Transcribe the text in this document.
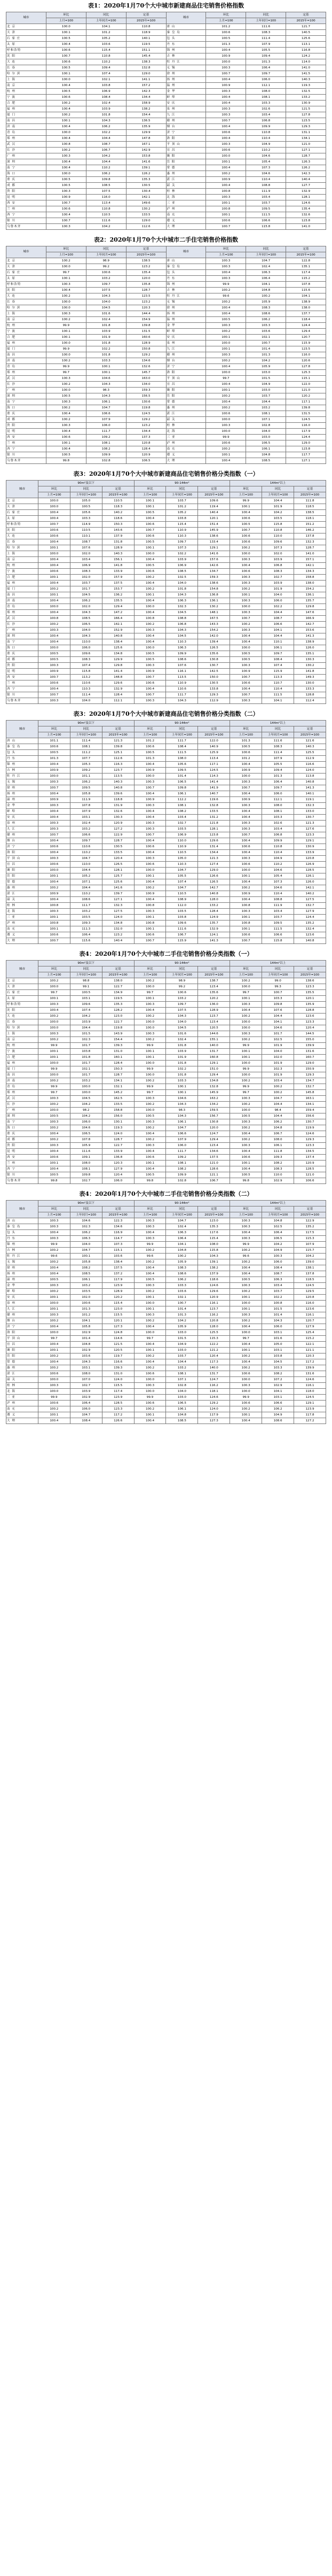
表1：2020年1月70个大中城市新建商品住宅销售价格指数
城市	环比	同比	定基	城市	环比	同比	定基
	上月=100	上年同月=100	2015年=100		上月=100	上年同月=100	2015年=100
北 京	100.0	104.1	110.8	唐 山	101.2	111.6	121.7
天 津	100.1	101.2	118.9	秦 皇 岛	100.6	108.3	140.5
石 家 庄	100.5	105.2	140.1	包 头	100.5	111.4	125.6
太 原	100.4	103.6	119.5	丹 东	101.3	107.9	113.1
呼和浩特	100.6	115.4	151.1	锦 州	100.4	105.5	116.8
沈 阳	100.7	110.8	145.4	吉 林	100.9	109.4	124.2
大 连	100.6	110.2	138.3	牡 丹 江	100.0	101.3	114.0
长 春	100.5	109.4	132.8	无 锡	100.3	106.4	141.0
哈 尔 滨	100.1	107.4	129.0	徐 州	100.7	109.7	141.5
上 海	100.0	102.1	141.1	扬 州	100.4	106.0	140.3
南 京	100.4	103.8	157.2	温 州	100.9	112.1	119.3
杭 州	100.5	106.9	142.3	金 华	100.3	108.0	132.5
宁 波	100.6	108.4	134.4	蚌 埠	100.4	108.1	133.2
合 肥	100.2	102.4	158.9	安 庆	100.4	103.3	130.9
福 州	100.4	103.9	138.2	泉 州	100.3	102.6	121.5
厦 门	100.2	101.8	154.4	九 江	100.3	103.4	127.8
南 昌	100.1	104.3	136.5	赣 州	100.7	106.8	123.5
济 南	100.4	106.2	135.9	烟 台	100.4	109.9	129.3
青 岛	100.0	102.2	129.9	济 宁	100.6	110.8	131.1
郑 州	100.4	104.4	147.8	洛 阳	100.4	110.4	134.1
武 汉	100.8	108.7	167.1	平 顶 山	100.3	104.9	121.0
长 沙	100.2	106.7	142.9	宜 昌	100.6	110.2	127.1
广 州	100.3	104.2	153.8	襄 阳	100.0	104.6	128.7
深 圳	100.4	104.4	141.6	岳 阳	100.1	105.4	126.3
南 宁	100.4	110.2	139.1	常 德	100.4	107.3	126.2
海 口	100.0	106.2	126.2	惠 州	100.2	104.6	142.3
重 庆	100.5	109.8	135.3	湛 江	100.9	110.4	140.4
成 都	100.5	108.5	130.5	韶 关	100.4	108.8	127.7
贵 阳	100.3	107.5	130.4	桂 林	100.8	111.9	132.9
昆 明	100.9	116.0	142.1	北 海	100.3	103.4	128.1
西 安	100.7	113.4	149.6	三 亚	100.1	103.7	124.6
兰 州	100.6	110.8	130.2	泸 州	100.8	109.5	135.4
西 宁	100.4	110.5	133.5	南 充	100.1	111.5	132.6
银 川	100.7	111.6	129.0	遵 义	100.6	106.6	123.8
乌鲁木齐	100.3	104.2	112.6	大 理	100.7	115.8	141.0
表2：2020年1月70个大中城市二手住宅销售价格指数
城市	环比	同比	定基	城市	环比	同比	定基
	上月=100	上年同月=100	2015年=100		上月=100	上年同月=100	2015年=100
北 京	100.2	98.9	138.5	唐 山	100.3	104.7	122.8
天 津	100.0	99.2	123.2	秦 皇 岛	100.3	102.4	135.1
石 家 庄	99.7	100.6	135.4	包 头	100.4	106.3	117.4
太 原	100.1	103.2	120.0	丹 东	100.3	106.4	115.2
呼和浩特	100.3	109.7	135.8	锦 州	99.9	104.1	107.8
沈 阳	100.4	107.5	128.7	吉 林	100.2	104.8	115.6
大 连	100.2	104.3	123.5	牡 丹 江	99.6	100.2	104.1
长 春	100.0	104.0	123.2	无 锡	100.2	105.9	138.9
哈 尔 滨	100.0	104.5	120.3	徐 州	100.4	108.3	138.0
上 海	100.3	101.6	144.4	扬 州	100.4	108.6	137.7
南 京	100.2	102.4	154.9	温 州	100.5	106.2	118.4
杭 州	99.9	101.8	139.8	金 华	100.3	103.3	124.4
宁 波	100.1	103.9	131.5	蚌 埠	100.2	103.6	129.4
合 肥	100.1	101.9	160.6	安 庆	100.1	102.1	120.7
福 州	100.0	101.8	128.9	泉 州	100.0	100.7	115.9
厦 门	99.9	102.2	150.8	九 江	100.1	101.4	123.5
南 昌	100.0	101.8	129.2	赣 州	100.3	101.3	116.0
济 南	100.2	103.3	134.6	烟 台	100.2	104.2	120.6
青 岛	99.9	100.1	132.6	济 宁	100.4	105.9	127.8
郑 州	99.7	100.1	145.7	洛 阳	100.0	103.0	125.3
武 汉	100.3	104.6	163.0	平 顶 山	99.7	101.5	115.1
长 沙	100.2	104.3	134.0	宜 昌	100.4	104.9	122.0
广 州	100.0	98.3	159.3	襄 阳	100.1	103.0	121.0
深 圳	100.5	104.3	156.5	岳 阳	100.2	103.7	120.2
南 宁	100.3	106.1	130.6	常 德	100.4	104.4	117.1
海 口	100.2	104.7	119.8	惠 州	100.2	103.2	139.8
重 庆	100.4	106.6	124.5	湛 江	100.6	108.1	131.5
成 都	100.2	107.9	129.2	韶 关	100.0	107.1	124.5
贵 阳	100.3	106.0	123.2	桂 林	100.3	102.8	116.0
昆 明	100.4	111.7	134.4	北 海	100.0	104.0	117.9
西 安	100.6	109.2	137.3	三 亚	99.9	103.0	124.4
兰 州	100.1	108.1	120.8	泸 州	100.6	106.5	129.0
西 宁	100.4	108.2	128.4	南 充	100.2	106.1	123.8
银 川	100.5	109.9	120.9	遵 义	100.1	104.8	117.7
乌鲁木齐	99.8	102.8	106.5	大 理	100.4	108.5	127.1
表3：2020年1月70个大中城市新建商品住宅销售价格分类指数（一）
城市	90m²及以下			90-144m²			144m²以上		
	环比	同比	定基	环比	同比	定基	环比	同比	定基
	上月=100	上年同月=100	2015年=100	上月=100	上年同月=100	2015年=100	上月=100	上年同月=100	2015年=100
北 京	100.0	105.0	110.5	100.1	103.7	109.6	99.9	104.4	111.8
天 津	100.0	100.5	118.3	100.1	101.2	119.4	100.1	101.9	118.5
石 家 庄	100.4	105.6	140.2	100.5	105.2	140.4	100.4	104.2	138.5
太 原	100.4	103.3	118.6	100.4	103.8	120.1	100.6	103.5	118.1
呼和浩特	100.7	114.9	150.3	100.6	115.4	151.4	100.5	115.8	151.2
沈 阳	100.6	110.5	143.6	100.7	110.9	145.9	100.7	110.8	146.2
大 连	100.6	110.1	137.9	100.6	110.3	138.6	100.6	110.0	137.8
长 春	100.4	108.7	131.8	100.5	109.7	133.4	100.6	109.6	132.3
哈 尔 滨	100.1	107.6	128.9	100.1	107.3	129.1	100.2	107.3	128.7
上 海	100.0	102.0	140.3	100.0	102.2	141.6	100.0	102.0	141.0
南 京	100.4	103.4	156.1	100.4	103.9	157.6	100.3	103.9	157.1
杭 州	100.4	106.9	141.8	100.5	106.9	142.6	100.4	106.8	142.1
宁 波	100.6	108.3	133.9	100.6	108.5	134.7	100.6	108.3	134.3
合 肥	100.1	102.0	157.9	100.2	102.5	159.3	100.3	102.7	158.8
福 州	100.4	103.7	137.5	100.4	104.0	138.6	100.3	103.9	138.0
厦 门	100.2	101.7	153.7	100.2	101.8	154.8	100.2	101.9	154.2
南 昌	100.1	104.5	136.2	100.1	104.3	136.8	100.1	104.0	136.1
济 南	100.4	106.2	135.5	100.4	106.3	136.1	100.3	106.0	135.7
青 岛	100.0	102.0	129.4	100.0	102.3	130.2	100.0	102.2	129.8
郑 州	100.4	104.3	147.2	100.4	104.5	148.1	100.3	104.4	147.6
武 汉	100.8	108.5	166.4	100.8	108.8	167.5	100.7	108.7	166.9
长 沙	100.2	106.5	142.1	100.2	106.8	143.3	100.2	106.6	142.7
广 州	100.3	104.0	152.9	100.3	104.3	154.2	100.3	104.1	153.6
深 圳	100.4	104.3	140.8	100.4	104.5	142.0	100.4	104.4	141.3
南 宁	100.4	110.0	138.4	100.4	110.3	139.4	100.4	110.1	138.9
海 口	100.0	106.0	125.6	100.0	106.3	126.5	100.0	106.1	126.0
重 庆	100.5	109.6	134.8	100.5	109.9	135.6	100.5	109.7	135.1
成 都	100.5	108.3	129.9	100.5	108.6	130.8	100.5	108.4	130.3
贵 阳	100.3	107.4	129.8	100.3	107.6	130.7	100.3	107.4	130.2
昆 明	100.9	115.8	141.4	100.9	116.1	142.5	100.9	115.9	141.8
西 安	100.7	113.2	148.8	100.7	113.5	150.0	100.7	113.3	149.3
兰 州	100.6	110.6	129.6	100.6	110.9	130.5	100.6	110.7	130.0
西 宁	100.4	110.3	132.9	100.4	110.6	133.8	100.4	110.4	133.3
银 川	100.7	111.4	128.4	100.7	111.7	129.3	100.7	111.5	128.8
乌鲁木齐	100.3	104.0	112.1	100.3	104.3	112.9	100.3	104.1	112.4
表3：2020年1月70个大中城市新建商品住宅销售价格分类指数（二）
城市	90m²及以下			90-144m²			144m²以上		
	环比	同比	定基	环比	同比	定基	环比	同比	定基
	上月=100	上年同月=100	2015年=100	上月=100	上年同月=100	2015年=100	上月=100	上年同月=100	2015年=100
唐 山	101.1	111.4	121.3	101.2	111.7	122.0	101.3	111.6	121.6
秦 皇 岛	100.6	108.1	139.8	100.6	108.4	140.9	100.5	108.3	140.3
包 头	100.5	111.2	125.1	100.5	111.5	125.9	100.6	111.4	125.5
丹 东	101.3	107.7	112.6	101.3	108.0	113.4	101.2	107.9	112.9
锦 州	100.4	105.3	116.3	100.4	105.6	117.1	100.4	105.5	116.6
吉 林	100.9	109.2	123.7	100.9	109.5	124.5	100.9	109.4	124.0
牡 丹 江	100.0	101.1	113.5	100.0	101.4	114.3	100.0	101.3	113.8
无 锡	100.3	106.2	140.3	100.3	106.5	141.4	100.3	106.4	140.8
徐 州	100.7	109.5	140.8	100.7	109.8	141.9	100.7	109.7	141.3
扬 州	100.4	105.8	139.6	100.4	106.1	140.7	100.4	106.0	140.1
温 州	100.9	111.9	118.8	100.9	112.2	119.6	100.9	112.1	119.1
金 华	100.3	107.8	131.9	100.3	108.1	132.8	100.3	108.0	132.3
蚌 埠	100.4	107.9	132.6	100.4	108.2	133.5	100.4	108.1	133.0
安 庆	100.4	103.1	130.3	100.4	103.4	131.2	100.4	103.3	130.7
泉 州	100.3	102.4	120.9	100.3	102.7	121.8	100.3	102.6	121.3
九 江	100.3	103.2	127.2	100.3	103.5	128.1	100.3	103.4	127.6
赣 州	100.7	106.6	122.9	100.7	106.9	123.8	100.7	106.8	123.3
烟 台	100.4	109.7	128.7	100.4	110.0	129.6	100.4	109.9	129.1
济 宁	100.6	110.6	130.5	100.6	110.9	131.4	100.6	110.8	130.9
洛 阳	100.4	110.2	133.5	100.4	110.5	134.4	100.4	110.4	133.9
平 顶 山	100.3	104.7	120.4	100.3	105.0	121.3	100.3	104.9	120.8
宜 昌	100.6	110.0	126.5	100.6	110.3	127.4	100.6	110.2	126.9
襄 阳	100.0	104.4	128.1	100.0	104.7	129.0	100.0	104.6	128.5
岳 阳	100.1	105.2	125.7	100.1	105.5	126.6	100.1	105.4	126.1
常 德	100.4	107.1	125.6	100.4	107.4	126.5	100.4	107.3	126.0
惠 州	100.2	104.4	141.6	100.2	104.7	142.7	100.2	104.6	142.1
湛 江	100.9	110.2	139.7	100.9	110.5	140.8	100.9	110.4	140.2
韶 关	100.4	108.6	127.1	100.4	108.9	128.0	100.4	108.8	127.5
桂 林	100.8	111.7	132.3	100.8	112.0	133.2	100.8	111.9	132.7
北 海	100.3	103.2	127.5	100.3	103.5	128.4	100.3	103.4	127.9
三 亚	100.1	103.5	124.0	100.1	103.8	124.9	100.1	103.7	124.4
泸 州	100.8	109.3	134.8	100.8	109.6	135.7	100.8	109.5	135.2
南 充	100.1	111.3	132.0	100.1	111.6	132.9	100.1	111.5	132.4
遵 义	100.6	106.4	123.2	100.6	106.7	124.1	100.6	106.6	123.6
大 理	100.7	115.6	140.4	100.7	115.9	141.3	100.7	115.8	140.8
表4：2020年1月70个大中城市二手住宅销售价格分类指数（一）
城市	90m²及以下			90-144m²			144m²以上		
	环比	同比	定基	环比	同比	定基	环比	同比	定基
	上月=100	上年同月=100	2015年=100	上月=100	上年同月=100	2015年=100	上月=100	上年同月=100	2015年=100
北 京	100.2	98.8	138.0	100.2	98.9	138.7	100.2	99.0	138.6
天 津	100.0	99.1	122.7	100.0	99.2	123.4	100.0	99.3	123.3
石 家 庄	99.7	100.5	134.9	99.7	100.6	135.6	99.7	100.7	135.5
太 原	100.1	103.1	119.5	100.1	103.2	120.2	100.1	103.3	120.1
呼和浩特	100.3	109.6	135.3	100.3	109.7	136.0	100.3	109.8	135.9
沈 阳	100.4	107.4	128.2	100.4	107.5	128.9	100.4	107.6	128.8
大 连	100.2	104.2	123.0	100.2	104.3	123.7	100.2	104.4	123.6
长 春	100.0	103.9	122.7	100.0	104.0	123.4	100.0	104.1	123.3
哈 尔 滨	100.0	104.4	119.8	100.0	104.5	120.5	100.0	104.6	120.4
上 海	100.3	101.5	143.9	100.3	101.6	144.6	100.3	101.7	144.5
南 京	100.2	102.3	154.4	100.2	102.4	155.1	100.2	102.5	155.0
杭 州	99.9	101.7	139.3	99.9	101.8	140.0	99.9	101.9	139.9
宁 波	100.1	103.8	131.0	100.1	103.9	131.7	100.1	104.0	131.6
合 肥	100.1	101.8	160.1	100.1	101.9	160.8	100.1	102.0	160.7
福 州	100.0	101.7	128.4	100.0	101.8	129.1	100.0	101.9	129.0
厦 门	99.9	102.1	150.3	99.9	102.2	151.0	99.9	102.3	150.9
南 昌	100.0	101.7	128.7	100.0	101.8	129.4	100.0	101.9	129.3
济 南	100.2	103.2	134.1	100.2	103.3	134.8	100.2	103.4	134.7
青 岛	99.9	100.0	132.1	99.9	100.1	132.8	99.9	100.2	132.7
郑 州	99.7	100.0	145.2	99.7	100.1	145.9	99.7	100.2	145.8
武 汉	100.3	104.5	162.5	100.3	104.6	163.2	100.3	104.7	163.1
长 沙	100.2	104.2	133.5	100.2	104.3	134.2	100.2	104.4	134.1
广 州	100.0	98.2	158.8	100.0	98.3	159.5	100.0	98.4	159.4
深 圳	100.5	104.2	156.0	100.5	104.3	156.7	100.5	104.4	156.6
南 宁	100.3	106.0	130.1	100.3	106.1	130.8	100.3	106.2	130.7
海 口	100.2	104.6	119.3	100.2	104.7	120.0	100.2	104.8	119.9
重 庆	100.4	106.5	124.0	100.4	106.6	124.7	100.4	106.7	124.6
成 都	100.2	107.8	128.7	100.2	107.9	129.4	100.2	108.0	129.3
贵 阳	100.3	105.9	122.7	100.3	106.0	123.4	100.3	106.1	123.3
昆 明	100.4	111.6	133.9	100.4	111.7	134.6	100.4	111.8	134.5
西 安	100.6	109.1	136.8	100.6	109.2	137.5	100.6	109.3	137.4
兰 州	100.1	108.0	120.3	100.1	108.1	121.0	100.1	108.2	120.9
西 宁	100.4	108.1	127.9	100.4	108.2	128.6	100.4	108.3	128.5
银 川	100.5	109.8	120.4	100.5	109.9	121.1	100.5	110.0	121.0
乌鲁木齐	99.8	102.7	106.0	99.8	102.8	106.7	99.8	102.9	106.6
表4：2020年1月70个大中城市二手住宅销售价格分类指数（二）
城市	90m²及以下			90-144m²			144m²以上		
	环比	同比	定基	环比	同比	定基	环比	同比	定基
	上月=100	上年同月=100	2015年=100	上月=100	上年同月=100	2015年=100	上月=100	上年同月=100	2015年=100
唐 山	100.3	104.6	122.3	100.3	104.7	123.0	100.3	104.8	122.9
秦 皇 岛	100.3	102.3	134.6	100.3	102.4	135.3	100.3	102.5	135.2
包 头	100.4	106.2	116.9	100.4	106.3	117.6	100.4	106.4	117.5
丹 东	100.3	106.3	114.7	100.3	106.4	115.4	100.3	106.5	115.3
锦 州	99.9	104.0	107.3	99.9	104.1	108.0	99.9	104.2	107.9
吉 林	100.2	104.7	115.1	100.2	104.8	115.8	100.2	104.9	115.7
牡 丹 江	99.6	100.1	103.6	99.6	100.2	104.3	99.6	100.3	104.2
无 锡	100.2	105.8	138.4	100.2	105.9	139.1	100.2	106.0	139.0
徐 州	100.4	108.2	137.5	100.4	108.3	138.2	100.4	108.4	138.1
扬 州	100.4	108.5	137.2	100.4	108.6	137.9	100.4	108.7	137.8
温 州	100.5	106.1	117.9	100.5	106.2	118.6	100.5	106.3	118.5
金 华	100.3	103.2	123.9	100.3	103.3	124.6	100.3	103.4	124.5
蚌 埠	100.2	103.5	128.9	100.2	103.6	129.6	100.2	103.7	129.5
安 庆	100.1	102.0	120.2	100.1	102.1	120.9	100.1	102.2	120.8
泉 州	100.0	100.6	115.4	100.0	100.7	116.1	100.0	100.8	116.0
九 江	100.1	101.3	123.0	100.1	101.4	123.7	100.1	101.5	123.6
赣 州	100.3	101.2	115.5	100.3	101.3	116.2	100.3	101.4	116.1
烟 台	100.2	104.1	120.1	100.2	104.2	120.8	100.2	104.3	120.7
济 宁	100.4	105.8	127.3	100.4	105.9	128.0	100.4	106.0	127.9
洛 阳	100.0	102.9	124.8	100.0	103.0	125.5	100.0	103.1	125.4
平 顶 山	99.7	101.4	114.6	99.7	101.5	115.3	99.7	101.6	115.2
宜 昌	100.4	104.8	121.5	100.4	104.9	122.2	100.4	105.0	122.1
襄 阳	100.1	102.9	120.5	100.1	103.0	121.2	100.1	103.1	121.1
岳 阳	100.2	103.6	119.7	100.2	103.7	120.4	100.2	103.8	120.3
常 德	100.4	104.3	116.6	100.4	104.4	117.3	100.4	104.5	117.2
惠 州	100.2	103.1	139.3	100.2	103.2	140.0	100.2	103.3	139.9
湛 江	100.6	108.0	131.0	100.6	108.1	131.7	100.6	108.2	131.6
韶 关	100.0	107.0	124.0	100.0	107.1	124.7	100.0	107.2	124.6
桂 林	100.3	102.7	115.5	100.3	102.8	116.2	100.3	102.9	116.1
北 海	100.0	103.9	117.4	100.0	104.0	118.1	100.0	104.1	118.0
三 亚	99.9	102.9	123.9	99.9	103.0	124.6	99.9	103.1	124.5
泸 州	100.6	106.4	128.5	100.6	106.5	129.2	100.6	106.6	129.1
南 充	100.2	106.0	123.3	100.2	106.1	124.0	100.2	106.2	123.9
遵 义	100.1	104.7	117.2	100.1	104.8	117.9	100.1	104.9	117.8
大 理	100.4	108.4	126.6	100.4	108.5	127.3	100.4	108.6	127.2
